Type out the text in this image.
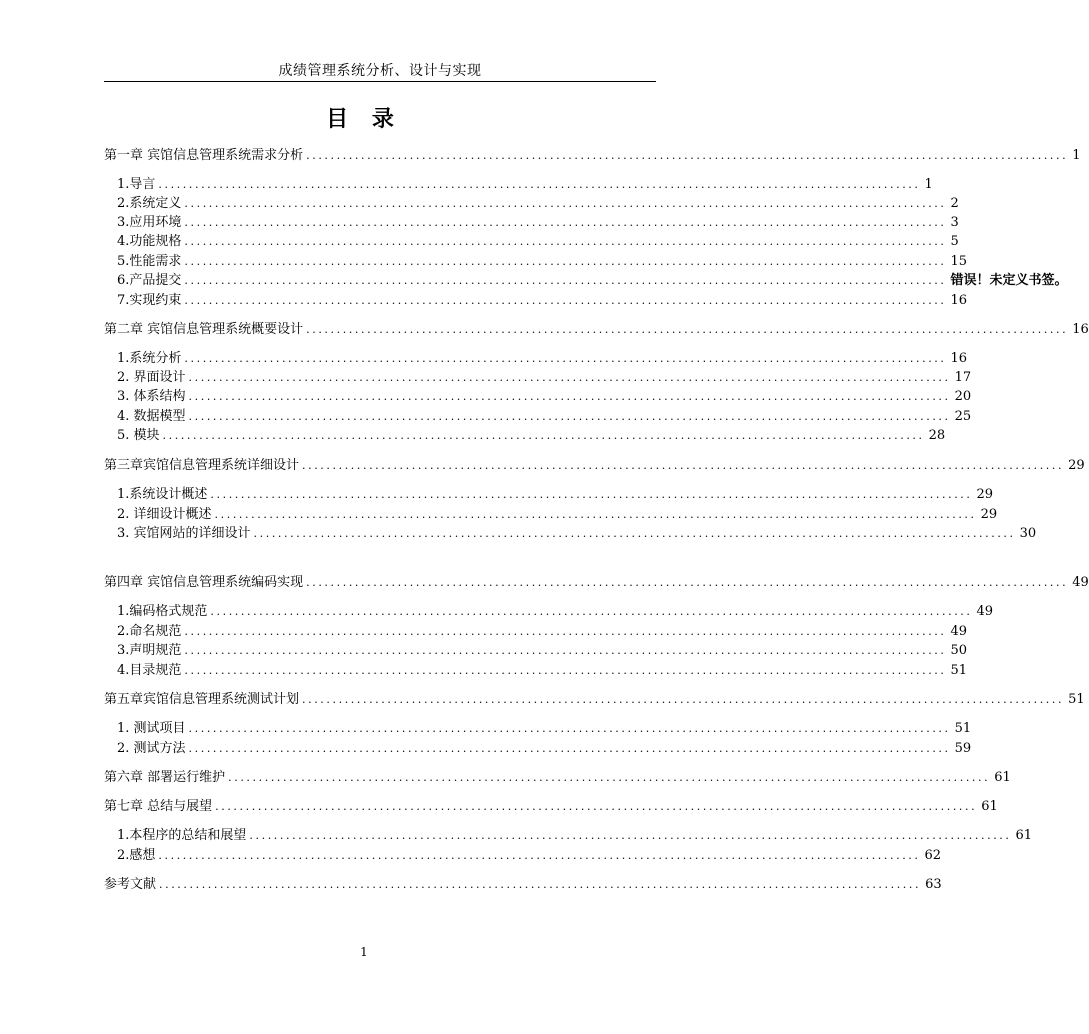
成绩管理系统分析、设计与实现
目 录
第一章 宾馆信息管理系统需求分析 ............................................................................................................................. 1
1.导言 ............................................................................................................................. 1
2.系统定义 ............................................................................................................................. 2
3.应用环境 ............................................................................................................................. 3
4.功能规格 ............................................................................................................................. 5
5.性能需求 ............................................................................................................................. 15
6.产品提交 ............................................................................................................................. 错误！未定义书签。
7.实现约束 ............................................................................................................................. 16
第二章 宾馆信息管理系统概要设计 ............................................................................................................................. 16
1.系统分析 ............................................................................................................................. 16
2. 界面设计 ............................................................................................................................. 17
3. 体系结构 ............................................................................................................................. 20
4. 数据模型 ............................................................................................................................. 25
5. 模块 ............................................................................................................................. 28
第三章宾馆信息管理系统详细设计 ............................................................................................................................. 29
1.系统设计概述 ............................................................................................................................. 29
2. 详细设计概述 ............................................................................................................................. 29
3. 宾馆网站的详细设计 ............................................................................................................................. 30
第四章 宾馆信息管理系统编码实现 ............................................................................................................................. 49
1.编码格式规范 ............................................................................................................................. 49
2.命名规范 ............................................................................................................................. 49
3.声明规范 ............................................................................................................................. 50
4.目录规范 ............................................................................................................................. 51
第五章宾馆信息管理系统测试计划 ............................................................................................................................. 51
1. 测试项目 ............................................................................................................................. 51
2. 测试方法 ............................................................................................................................. 59
第六章 部署运行维护 ............................................................................................................................. 61
第七章 总结与展望 ............................................................................................................................. 61
1.本程序的总结和展望 ............................................................................................................................. 61
2.感想 ............................................................................................................................. 62
参考文献 ............................................................................................................................. 63
1
